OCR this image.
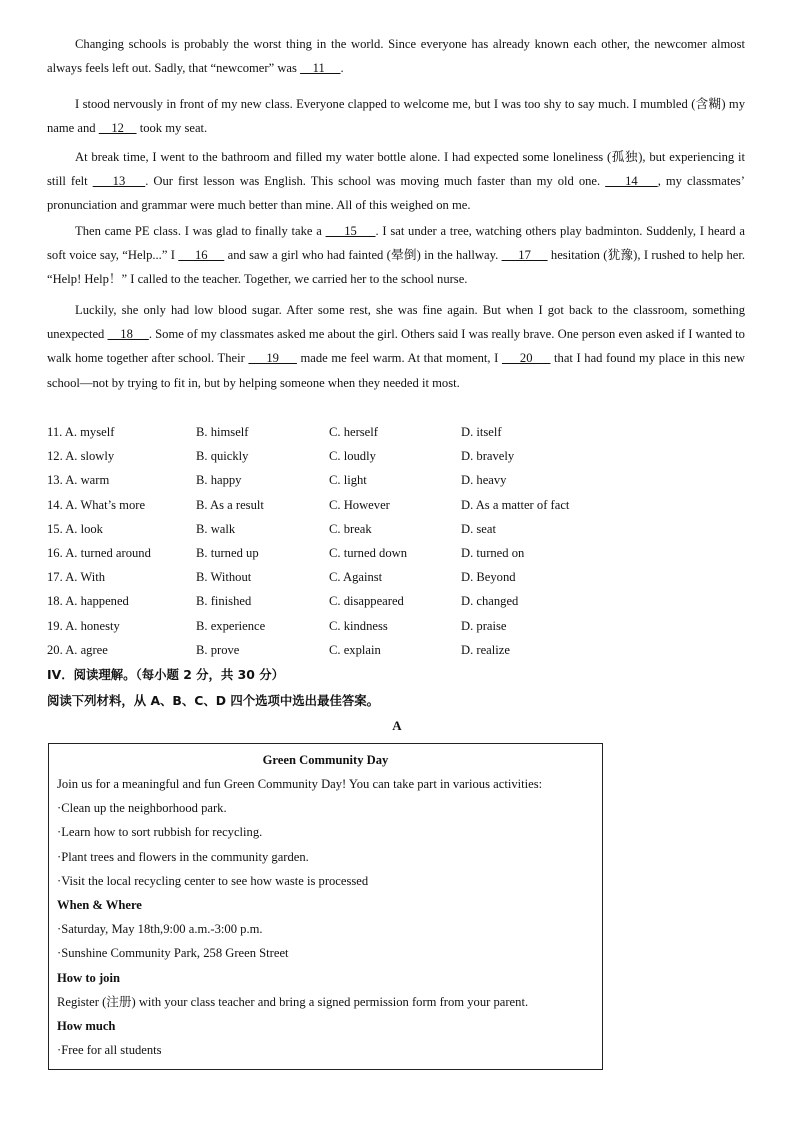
Changing schools is probably the worst thing in the world. Since everyone has already known each other, the newcomer almost always feels left out. Sadly, that “newcomer” was     11     .

I stood nervously in front of my new class. Everyone clapped to welcome me, but I was too shy to say much. I mumbled (含糊) my name and     12     took my seat.

At break time, I went to the bathroom and filled my water bottle alone. I had expected some loneliness (孤独), but experiencing it still felt     13    . Our first lesson was English. This school was moving much faster than my old one.     14    , my classmates’ pronunciation and grammar were much better than mine. All of this weighed on me.

Then came PE class. I was glad to finally take a      15     . I sat under a tree, watching others play badminton. Suddenly, I heard a soft voice say, “Help...” I      16      and saw a girl who had fainted (晕倒) in the hallway.      17      hesitation (犹豫), I rushed to help her. “Help! Help！” I called to the teacher. Together, we carried her to the school nurse.

Luckily, she only had low blood sugar. After some rest, she was fine again. But when I got back to the classroom, something unexpected     18     . Some of my classmates asked me about the girl. Others said I was really brave. One person even asked if I wanted to walk home together after school. Their      19      made me feel warm. At that moment, I      20      that I had found my place in this new school—not by trying to fit in, but by helping someone when they needed it most.

11. A. myself	B. himself	C. herself	D. itself
12. A. slowly	B. quickly	C. loudly	D. bravely
13. A. warm	B. happy	C. light	D. heavy
14. A. What’s more	B. As a result	C. However	D. As a matter of fact
15. A. look	B. walk	C. break	D. seat
16. A. turned around	B. turned up	C. turned down	D. turned on
17. A. With	B. Without	C. Against	D. Beyond
18. A. happened	B. finished	C. disappeared	D. changed
19. A. honesty	B. experience	C. kindness	D. praise
20. A. agree	B. prove	C. explain	D. realize
IV．阅读理解。（每小题 2 分，共 30 分）
阅读下列材料，从 A、B、C、D 四个选项中选出最佳答案。
A
Green Community Day
Join us for a meaningful and fun Green Community Day! You can take part in various activities:
·Clean up the neighborhood park.
·Learn how to sort rubbish for recycling.
·Plant trees and flowers in the community garden.
·Visit the local recycling center to see how waste is processed
When & Where
·Saturday, May 18th,9:00 a.m.-3:00 p.m.
·Sunshine Community Park, 258 Green Street
How to join
Register (注册) with your class teacher and bring a signed permission form from your parent.
How much
·Free for all students
